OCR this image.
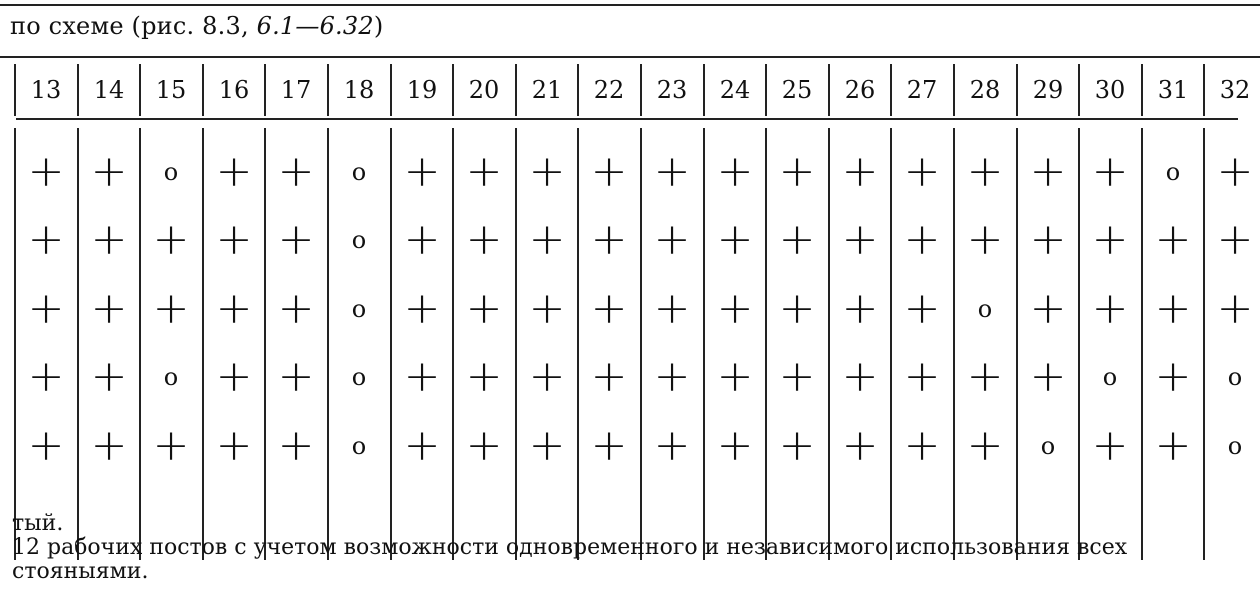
по схеме (рис. 8.3, 6.1—6.32)
13	14	15	16	17	18	19	20	21	22	23	24	25	26	27	28	29	30	31	32
+ +	o + +	o + + + + + + + + + + + +	o +
+ + + + +	o + + + + + + + + + + + + + +
+ + + + +	o + + + + + + + + +	o + + + +
+ +	o + +	o + + + + + + + + + + +	o +	o
+ + + + +	o + + + + + + + + + +	o + +	o
тый.
12 рабочих постов с учетом возможности одновременного и независимого использования всех
стояныями.
